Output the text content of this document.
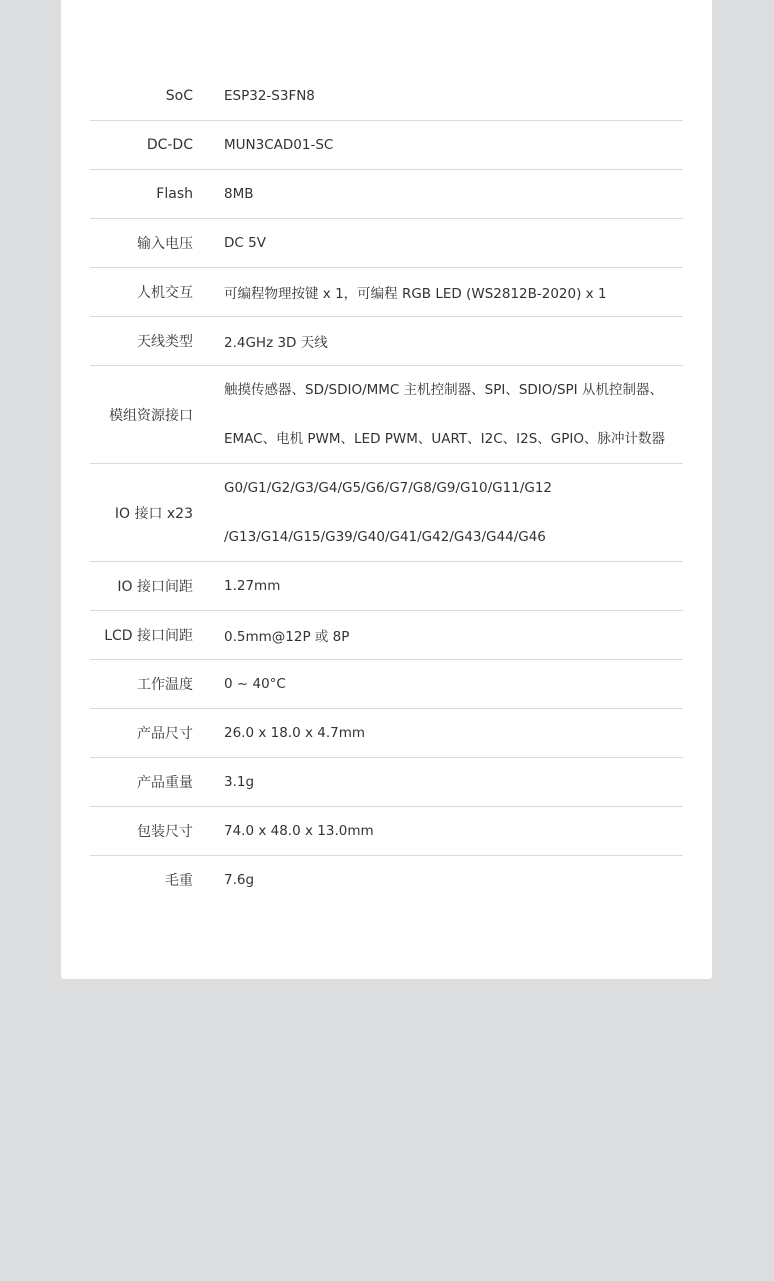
SoC ESP32-S3FN8
DC-DC MUN3CAD01-SC
Flash 8MB
输入电压 DC 5V
人机交互 可编程物理按键 x 1，可编程 RGB LED (WS2812B-2020) x 1
天线类型 2.4GHz 3D 天线
模组资源接口
触摸传感器、SD/SDIO/MMC 主机控制器、SPI、SDIO/SPI 从机控制器、
EMAC、电机 PWM、LED PWM、UART、I2C、I2S、GPIO、脉冲计数器
IO 接口 x23
G0/G1/G2/G3/G4/G5/G6/G7/G8/G9/G10/G11/G12
/G13/G14/G15/G39/G40/G41/G42/G43/G44/G46
IO 接口间距 1.27mm
LCD 接口间距 0.5mm@12P 或 8P
工作温度 0 ~ 40°C
产品尺寸 26.0 x 18.0 x 4.7mm
产品重量 3.1g
包装尺寸 74.0 x 48.0 x 13.0mm
毛重 7.6g
